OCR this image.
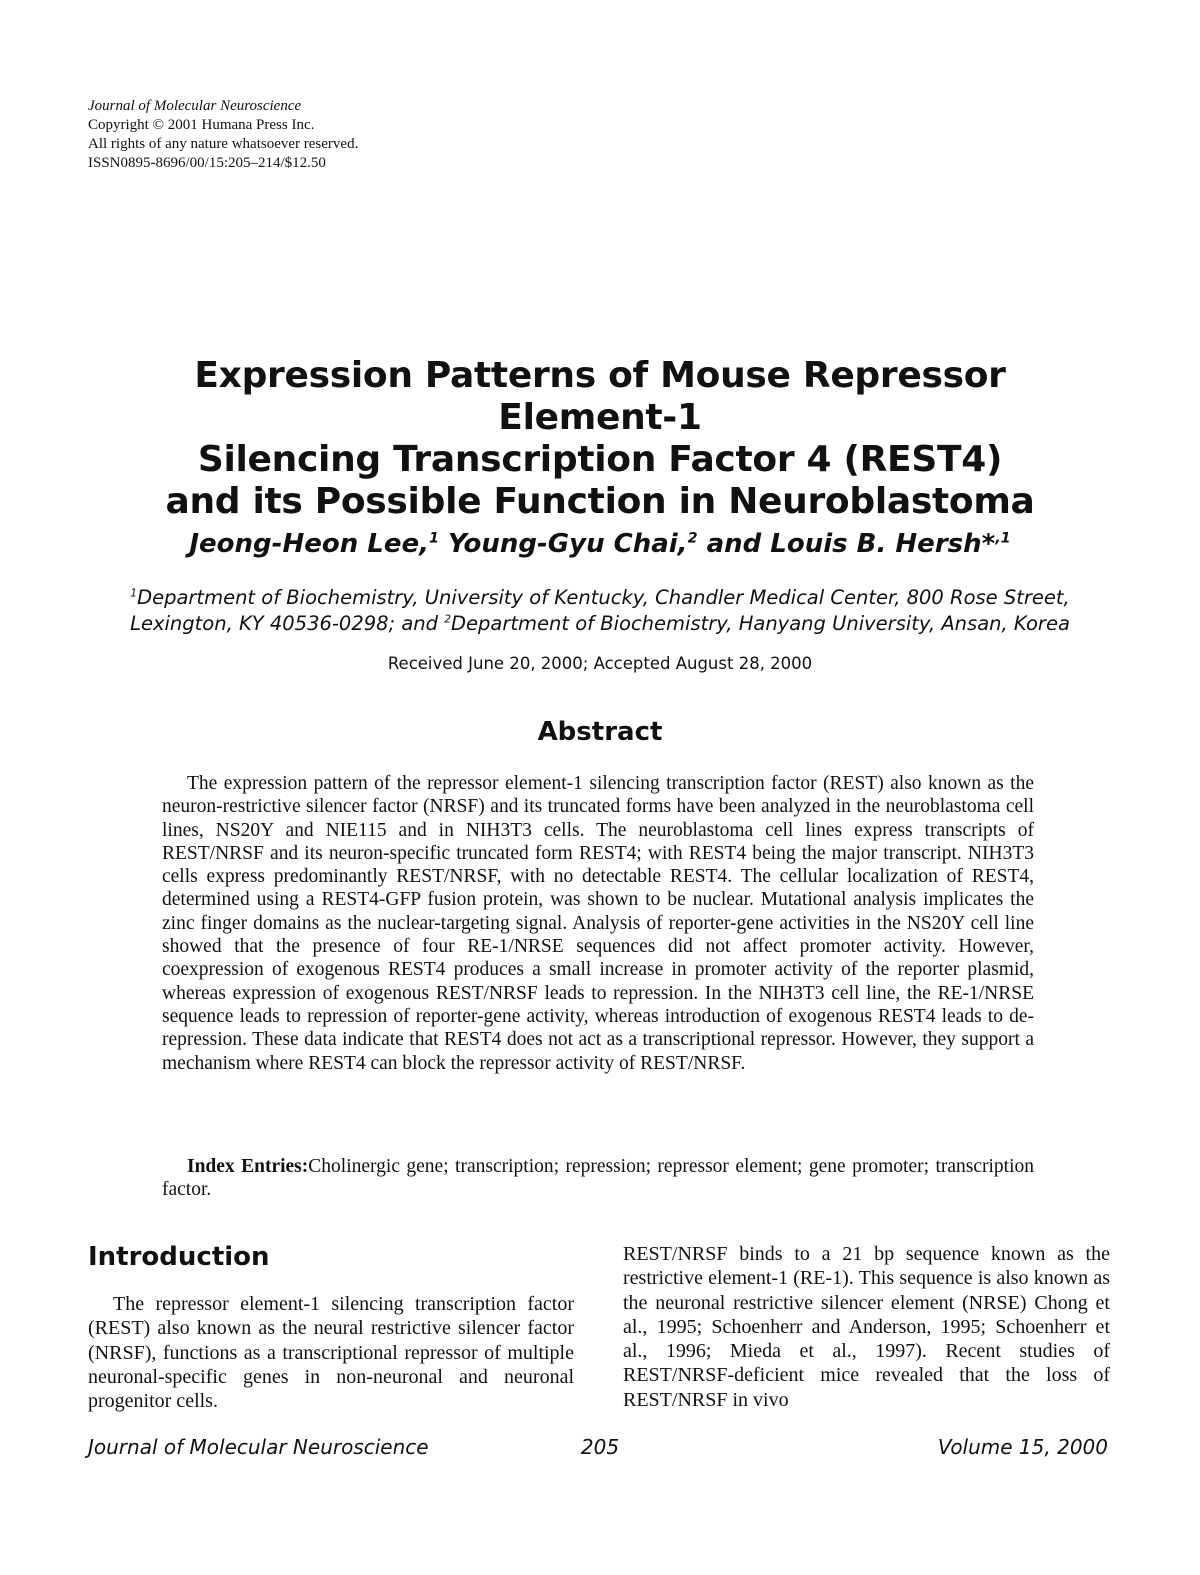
Journal of Molecular Neuroscience
Copyright © 2001 Humana Press Inc.
All rights of any nature whatsoever reserved.
ISSN0895-8696/00/15:205–214/$12.50
Expression Patterns of Mouse Repressor Element-1
Silencing Transcription Factor 4 (REST4)
and its Possible Function in Neuroblastoma
Jeong-Heon Lee,$^1$ Young-Gyu Chai,$^2$ and Louis B. Hersh*$^{,1}$
$^1$Department of Biochemistry, University of Kentucky, Chandler Medical Center, 800 Rose Street,
Lexington, KY 40536-0298; and $^2$Department of Biochemistry, Hanyang University, Ansan, Korea
Received June 20, 2000; Accepted August 28, 2000
Abstract
The expression pattern of the repressor element-1 silencing transcription factor (REST) also known as the neuron-restrictive silencer factor (NRSF) and its truncated forms have been analyzed in the neuroblastoma cell lines, NS20Y and NIE115 and in NIH3T3 cells. The neuroblastoma cell lines express transcripts of REST/NRSF and its neuron-specific truncated form REST4; with REST4 being the major transcript. NIH3T3 cells express predominantly REST/NRSF, with no detectable REST4. The cellular localization of REST4, determined using a REST4-GFP fusion protein, was shown to be nuclear. Mutational analysis implicates the zinc finger domains as the nuclear-targeting signal. Analysis of reporter-gene activities in the NS20Y cell line showed that the presence of four RE-1/NRSE sequences did not affect promoter activity. However, coexpression of exogenous REST4 produces a small increase in promoter activity of the reporter plasmid, whereas expression of exogenous REST/NRSF leads to repression. In the NIH3T3 cell line, the RE-1/NRSE sequence leads to repression of reporter-gene activity, whereas introduction of exogenous REST4 leads to de-repression. These data indicate that REST4 does not act as a transcriptional repressor. However, they support a mechanism where REST4 can block the repressor activity of REST/NRSF.
Index Entries:Cholinergic gene; transcription; repression; repressor element; gene promoter; transcription factor.
Introduction
The repressor element-1 silencing transcription factor (REST) also known as the neural restrictive silencer factor (NRSF), functions as a transcriptional repressor of multiple neuronal-specific genes in non-neuronal and neuronal progenitor cells.
REST/NRSF binds to a 21 bp sequence known as the restrictive element-1 (RE-1). This sequence is also known as the neuronal restrictive silencer element (NRSE) Chong et al., 1995; Schoenherr and Anderson, 1995; Schoenherr et al., 1996; Mieda et al., 1997). Recent studies of REST/NRSF-deficient mice revealed that the loss of REST/NRSF in vivo
Journal of Molecular Neuroscience	205	Volume 15, 2000
